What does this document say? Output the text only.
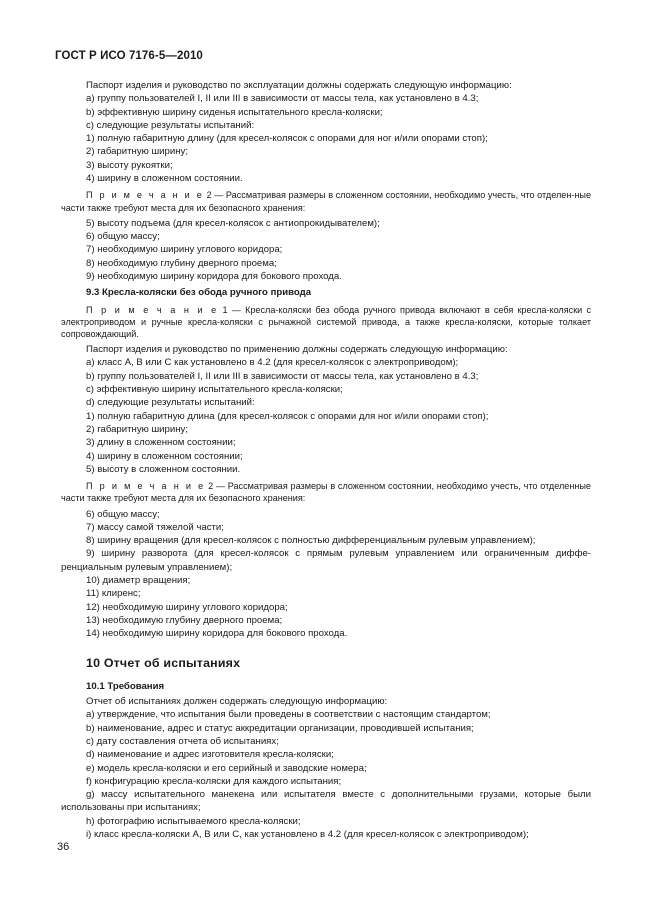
ГОСТ Р ИСО 7176-5—2010

Паспорт изделия и руководство по эксплуатации должны содержать следующую информацию:

a) группу пользователей I, II или III в зависимости от массы тела, как установлено в 4.3;

b) эффективную ширину сиденья испытательного кресла-коляски;

c) следующие результаты испытаний:

1) полную габаритную длину (для кресел-колясок с опорами для ног и/или опорами стоп);

2) габаритную ширину;

3) высоту рукоятки;

4) ширину в сложенном состоянии.

П р и м е ч а н и е 2 — Рассматривая размеры в сложенном состоянии, необходимо учесть, что отделен-ные части также требуют места для их безопасного хранения:

5) высоту подъема (для кресел-колясок с антиопрокидывателем);

6) общую массу;

7) необходимую ширину углового коридора;

8) необходимую глубину дверного проема;

9) необходимую ширину коридора для бокового прохода.

9.3 Кресла-коляски без обода ручного привода

П р и м е ч а н и е 1 — Кресла-коляски без обода ручного привода включают в себя кресла-коляски с электроприводом и ручные кресла-коляски с рычажной системой привода, а также кресла-коляски, которые толкает сопровождающий.

Паспорт изделия и руководство по применению должны содержать следующую информацию:

a) класс A, B или C как установлено в 4.2 (для кресел-колясок с электроприводом);

b) группу пользователей I, II или III в зависимости от массы тела, как установлено в 4.3;

c) эффективную ширину испытательного кресла-коляски;

d) следующие результаты испытаний:

1) полную габаритную длина (для кресел-колясок с опорами для ног и/или опорами стоп);

2) габаритную ширину;

3) длину в сложенном состоянии;

4) ширину в сложенном состоянии;

5) высоту в сложенном состоянии.

П р и м е ч а н и е 2 — Рассматривая размеры в сложенном состоянии, необходимо учесть, что отделенные части также требуют места для их безопасного хранения:

6) общую массу;

7) массу самой тяжелой части;

8) ширину вращения (для кресел-колясок с полностью дифференциальным рулевым управлением);

9) ширину разворота (для кресел-колясок с прямым рулевым управлением или ограниченным диффе-ренциальным рулевым управлением);

10) диаметр вращения;

11) клиренс;

12) необходимую ширину углового коридора;

13) необходимую глубину дверного проема;

14) необходимую ширину коридора для бокового прохода.

10 Отчет об испытаниях

10.1 Требования

Отчет об испытаниях должен содержать следующую информацию:

a) утверждение, что испытания были проведены в соответствии с настоящим стандартом;

b) наименование, адрес и статус аккредитации организации, проводившей испытания;

c) дату составления отчета об испытаниях;

d) наименование и адрес изготовителя кресла-коляски;

e) модель кресла-коляски и его серийный и заводские номера;

f) конфигурацию кресла-коляски для каждого испытания;

g) массу испытательного манекена или испытателя вместе с дополнительными грузами, которые были использованы при испытаниях;

h) фотографию испытываемого кресла-коляски;

i) класс кресла-коляски A, B или C, как установлено в 4.2 (для кресел-колясок с электроприводом);

36
